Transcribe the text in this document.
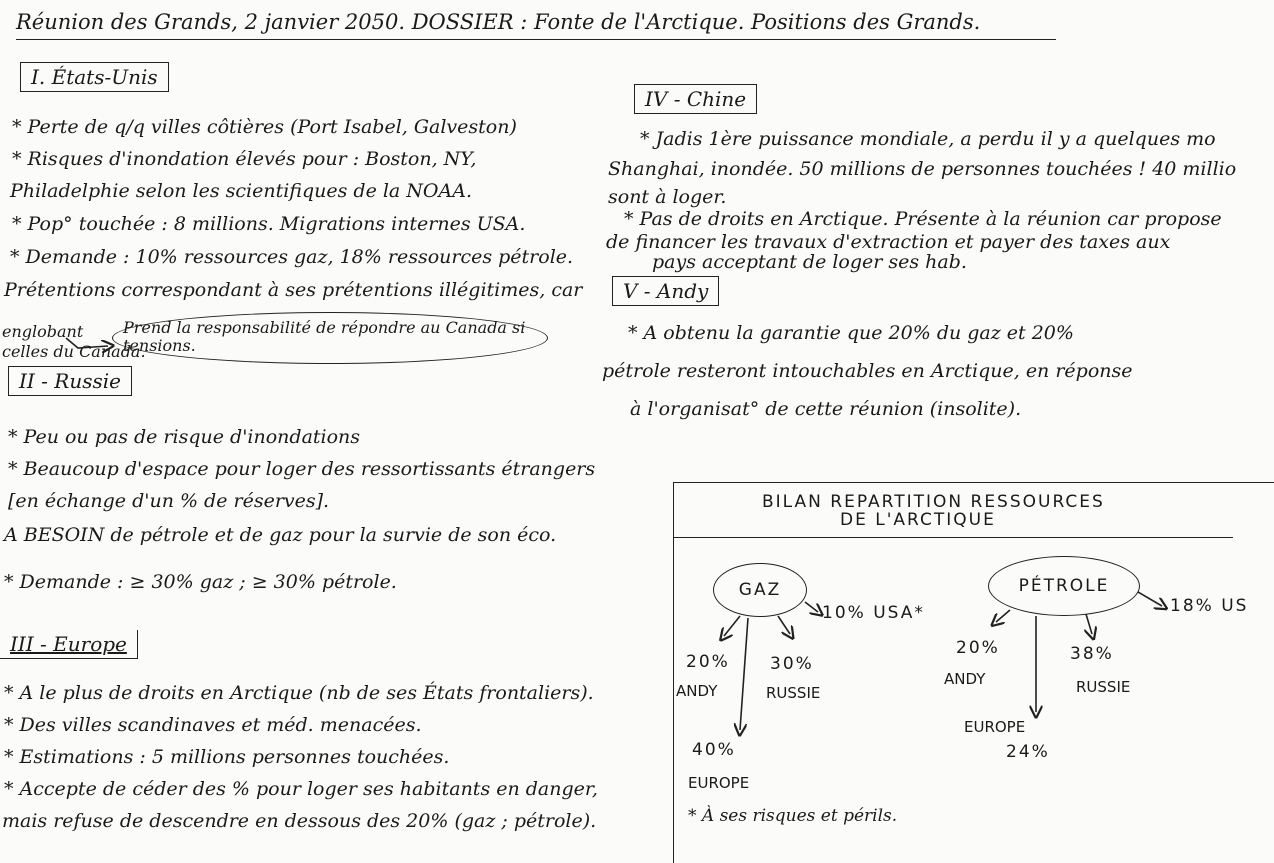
Réunion des Grands, 2 janvier 2050. DOSSIER : Fonte de l'Arctique. Positions des Grands.
I. États-Unis
* Perte de q/q villes côtières (Port Isabel, Galveston)
* Risques d'inondation élevés pour : Boston, NY,
Philadelphie selon les scientifiques de la NOAA.
* Pop° touchée : 8 millions. Migrations internes USA.
* Demande : 10% ressources gaz, 18% ressources pétrole.
Prétentions correspondant à ses prétentions illégitimes, car
englobant
celles du Canada.
Prend la responsabilité de répondre au Canada si tensions.
II - Russie
* Peu ou pas de risque d'inondations
* Beaucoup d'espace pour loger des ressortissants étrangers
[en échange d'un % de réserves].
A BESOIN de pétrole et de gaz pour la survie de son éco.
* Demande : ≥ 30% gaz ; ≥ 30% pétrole.
III - Europe
* A le plus de droits en Arctique (nb de ses États frontaliers).
* Des villes scandinaves et méd. menacées.
* Estimations : 5 millions personnes touchées.
* Accepte de céder des % pour loger ses habitants en danger,
mais refuse de descendre en dessous des 20% (gaz ; pétrole).
IV - Chine
* Jadis 1ère puissance mondiale, a perdu il y a quelques mo
Shanghai, inondée. 50 millions de personnes touchées ! 40 millio
sont à loger.
* Pas de droits en Arctique. Présente à la réunion car propose
de financer les travaux d'extraction et payer des taxes aux
pays acceptant de loger ses hab.
V - Andy
* A obtenu la garantie que 20% du gaz et 20%
pétrole resteront intouchables en Arctique, en réponse
à l'organisat° de cette réunion (insolite).
BILAN REPARTITION RESSOURCES
DE L'ARCTIQUE
GAZ
10% USA*
20%
ANDY
30%
RUSSIE
40%
EUROPE
PÉTROLE
18% US
20%
ANDY
38%
RUSSIE
EUROPE
24%
* À ses risques et périls.
